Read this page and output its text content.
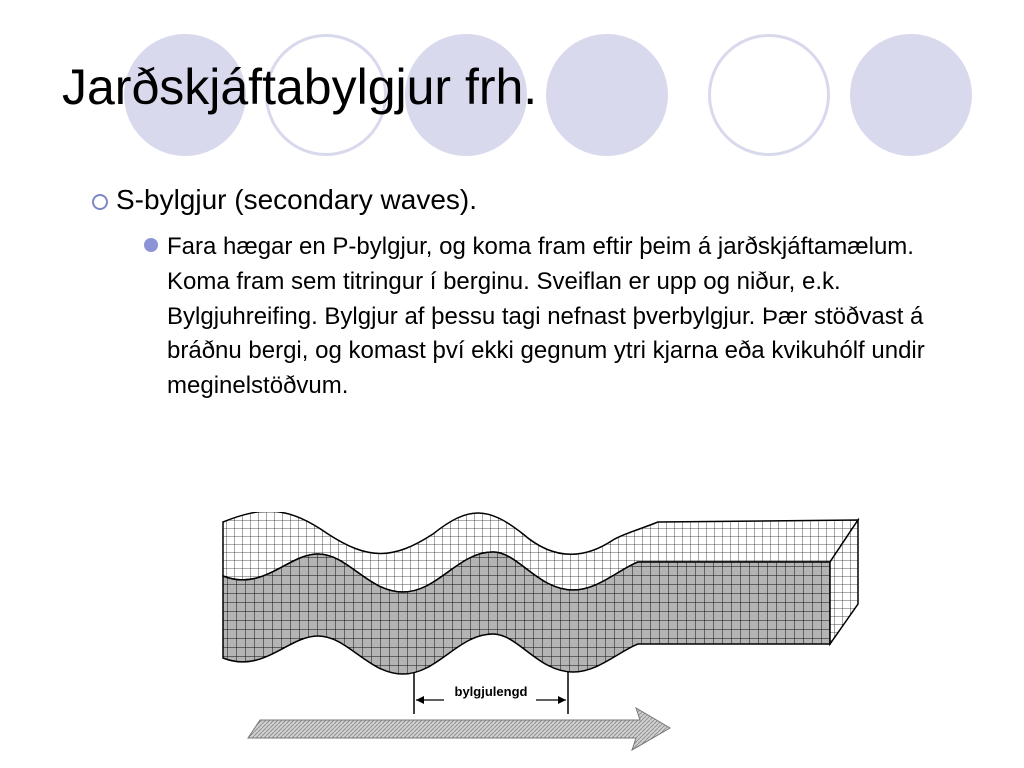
Jarðskjáftabylgjur frh.
S-bylgjur (secondary waves).
Fara hægar en P-bylgjur, og koma fram eftir þeim á jarðskjáftamælum. Koma fram sem titringur í berginu. Sveiflan er upp og niður, e.k. Bylgjuhreifing. Bylgjur af þessu tagi nefnast þverbylgjur. Þær stöðvast á bráðnu bergi, og komast því ekki gegnum ytri kjarna eða kvikuhólf undir meginelstöðvum.
bylgjulengd
